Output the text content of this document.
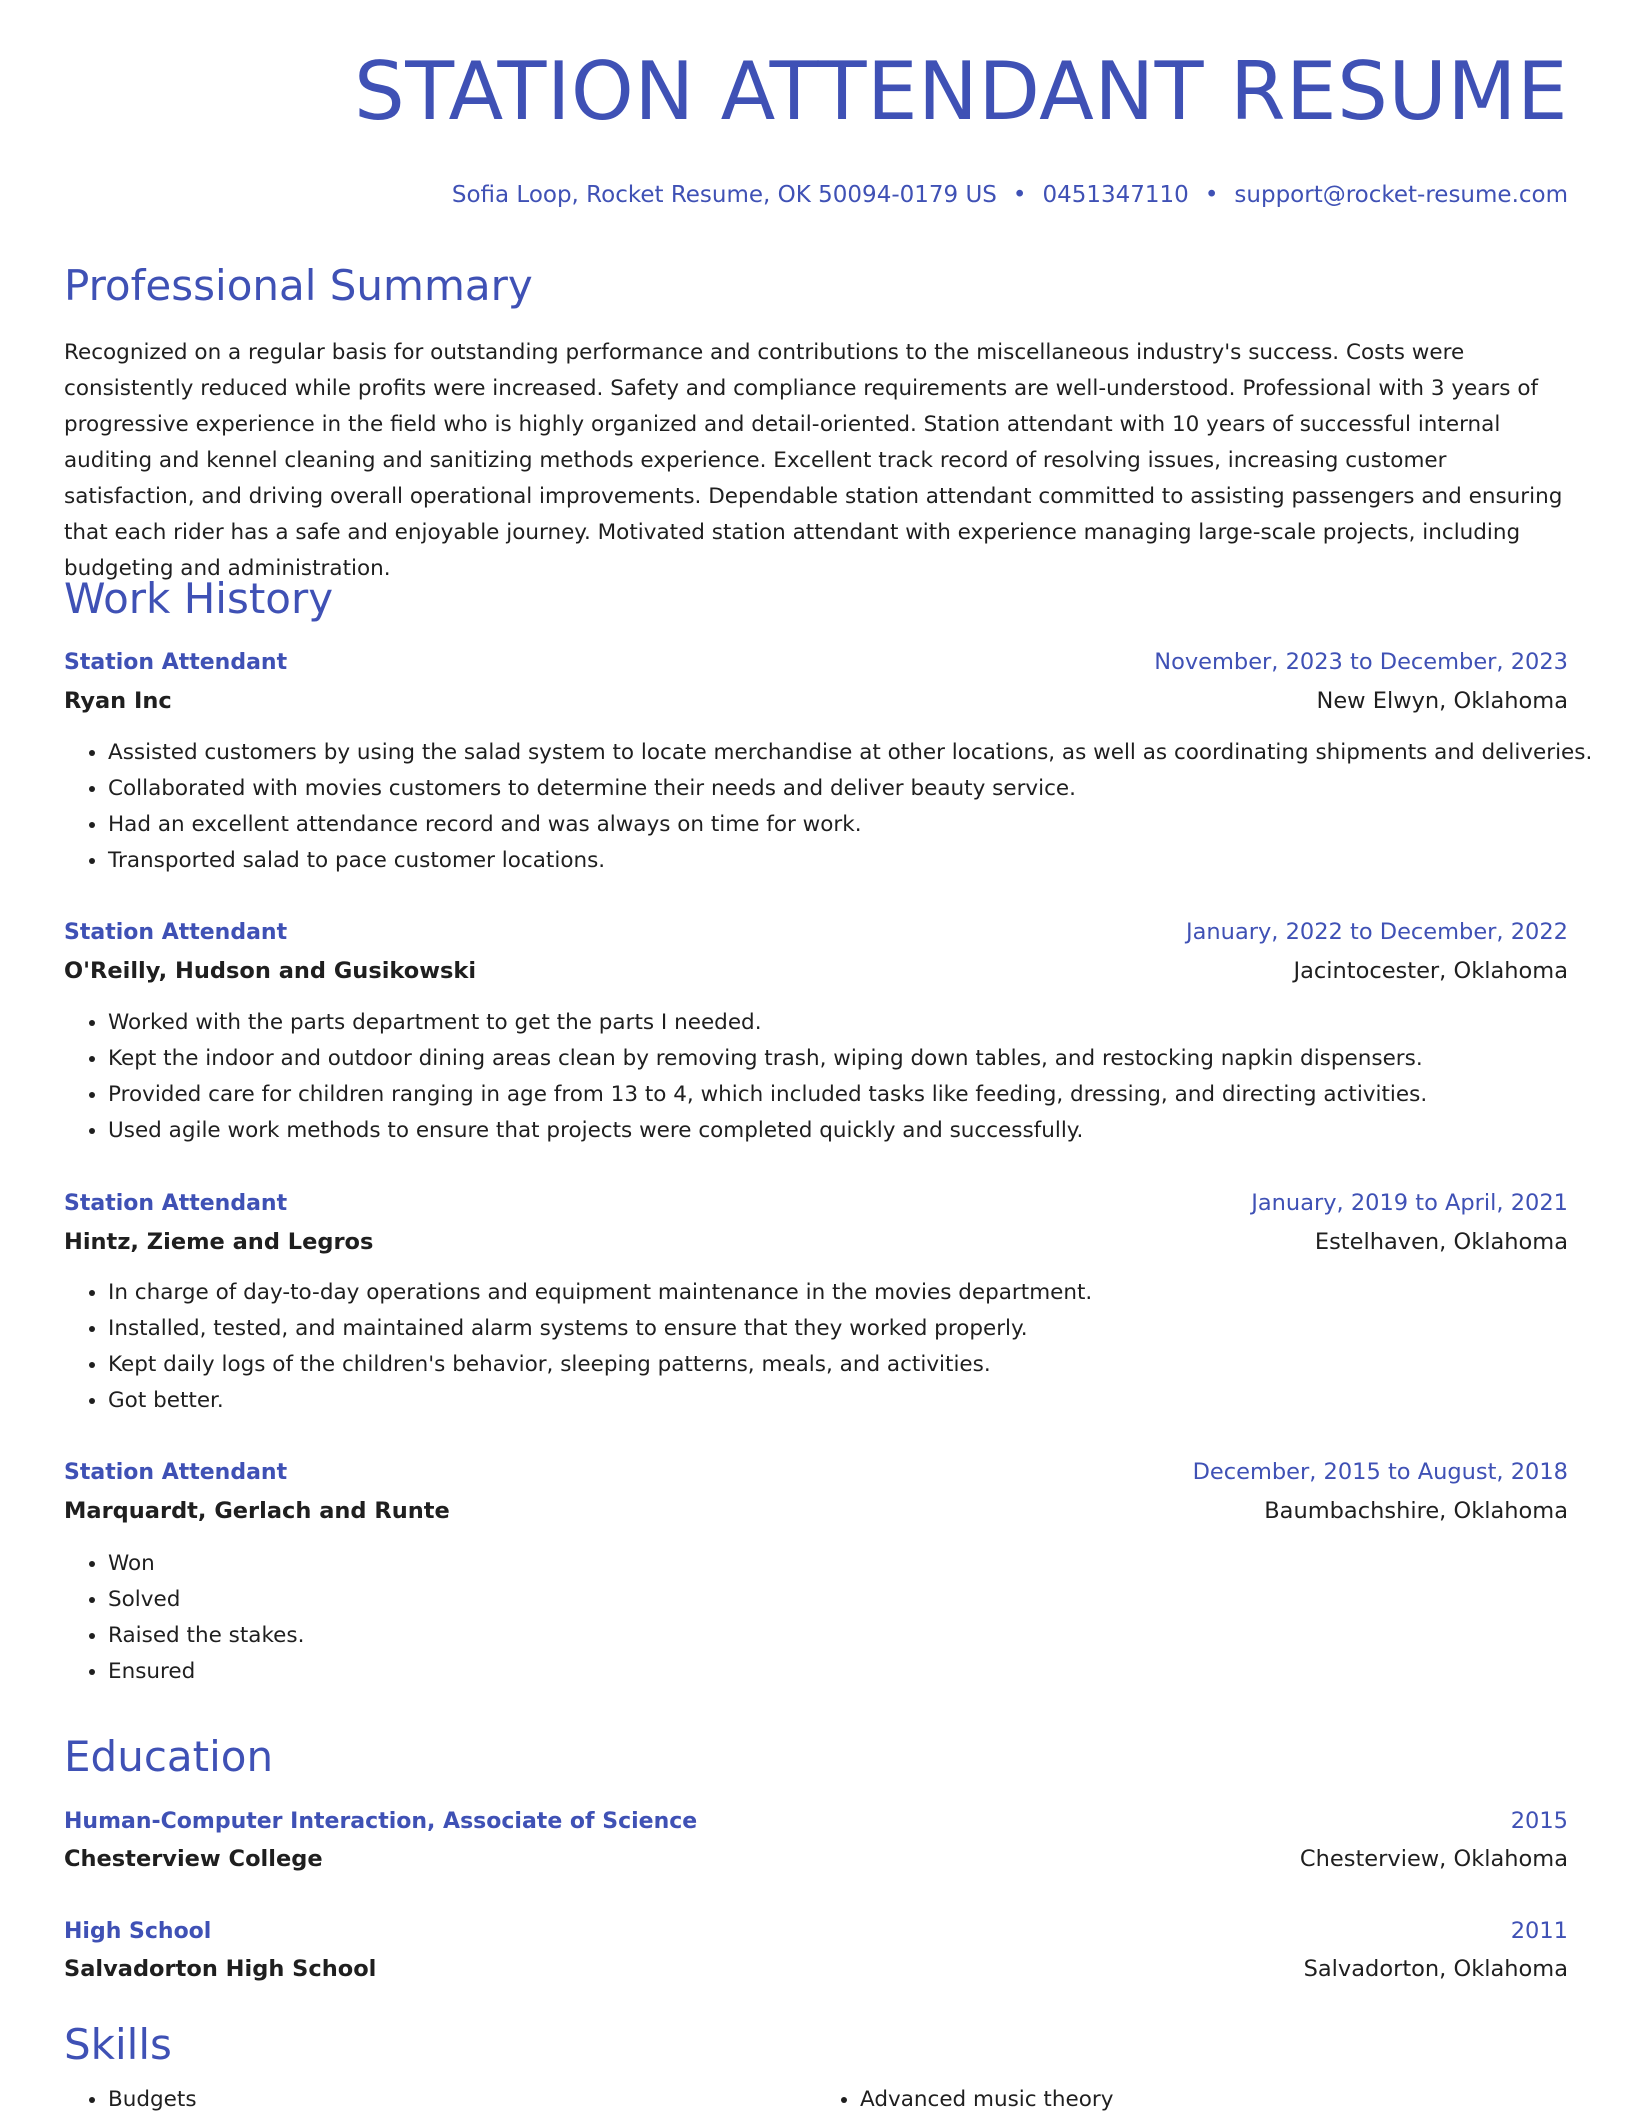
STATION ATTENDANT RESUME
Sofia Loop, Rocket Resume, OK 50094-0179 US • 0451347110 • support@rocket-resume.com
Professional Summary

Recognized on a regular basis for outstanding performance and contributions to the miscellaneous industry's success. Costs were consistently reduced while profits were increased. Safety and compliance requirements are well-understood. Professional with 3 years of progressive experience in the field who is highly organized and detail-oriented. Station attendant with 10 years of successful internal auditing and kennel cleaning and sanitizing methods experience. Excellent track record of resolving issues, increasing customer satisfaction, and driving overall operational improvements. Dependable station attendant committed to assisting passengers and ensuring that each rider has a safe and enjoyable journey. Motivated station attendant with experience managing large-scale projects, including budgeting and administration.

Work History
Station Attendant	November, 2023 to December, 2023
Ryan Inc	New Elwyn, Oklahoma
• Assisted customers by using the salad system to locate merchandise at other locations, as well as coordinating shipments and deliveries.
• Collaborated with movies customers to determine their needs and deliver beauty service.
• Had an excellent attendance record and was always on time for work.
• Transported salad to pace customer locations.
Station Attendant	January, 2022 to December, 2022
O'Reilly, Hudson and Gusikowski	Jacintocester, Oklahoma
• Worked with the parts department to get the parts I needed.
• Kept the indoor and outdoor dining areas clean by removing trash, wiping down tables, and restocking napkin dispensers.
• Provided care for children ranging in age from 13 to 4, which included tasks like feeding, dressing, and directing activities.
• Used agile work methods to ensure that projects were completed quickly and successfully.
Station Attendant	January, 2019 to April, 2021
Hintz, Zieme and Legros	Estelhaven, Oklahoma
• In charge of day-to-day operations and equipment maintenance in the movies department.
• Installed, tested, and maintained alarm systems to ensure that they worked properly.
• Kept daily logs of the children's behavior, sleeping patterns, meals, and activities.
• Got better.
Station Attendant	December, 2015 to August, 2018
Marquardt, Gerlach and Runte	Baumbachshire, Oklahoma
• Won
• Solved
• Raised the stakes.
• Ensured
Education
Human-Computer Interaction, Associate of Science	2015
Chesterview College	Chesterview, Oklahoma
High School	2011
Salvadorton High School	Salvadorton, Oklahoma
Skills
• Budgets
•	Advanced music theory
